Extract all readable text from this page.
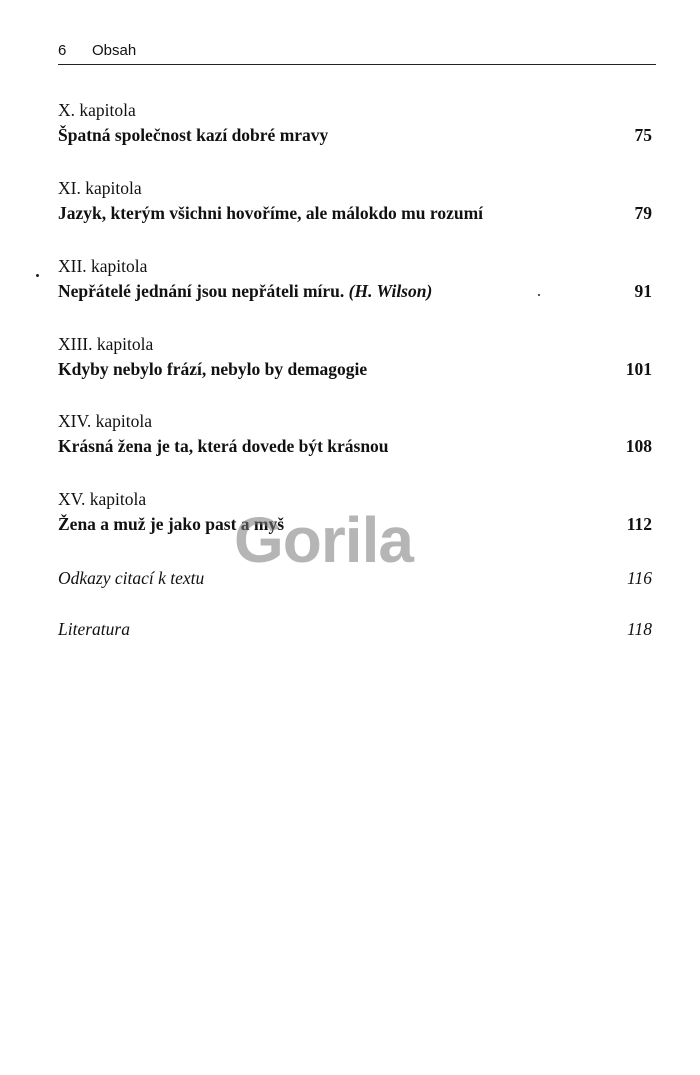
6 Obsah
X. kapitola
Špatná společnost kazí dobré mravy	75
XI. kapitola
Jazyk, kterým všichni hovoříme, ale málokdo mu rozumí	79
XII. kapitola
Nepřátelé jednání jsou nepřáteli míru. (H. Wilson)	91
XIII. kapitola
Kdyby nebylo frází, nebylo by demagogie	101
XIV. kapitola
Krásná žena je ta, která dovede být krásnou	108
XV. kapitola
Žena a muž je jako past a myš	112
Odkazy citací k textu	116
Literatura	118
Gorila
